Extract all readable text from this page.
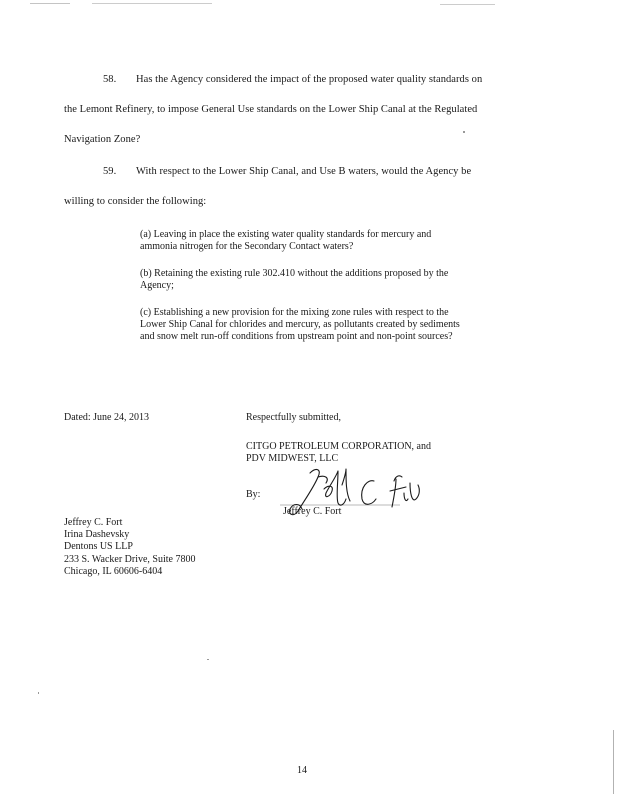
58. Has the Agency considered the impact of the proposed water quality standards on
the Lemont Refinery, to impose General Use standards on the Lower Ship Canal at the Regulated
Navigation Zone?
59. With respect to the Lower Ship Canal, and Use B waters, would the Agency be
willing to consider the following:
(a) Leaving in place the existing water quality standards for mercury and
ammonia nitrogen for the Secondary Contact waters?
(b) Retaining the existing rule 302.410 without the additions proposed by the
Agency;
(c) Establishing a new provision for the mixing zone rules with respect to the
Lower Ship Canal for chlorides and mercury, as pollutants created by sediments
and snow melt run-off conditions from upstream point and non-point sources?
Dated: June 24, 2013	Respectfully submitted,
CITGO PETROLEUM CORPORATION, and
PDV MIDWEST, LLC
By:
Jeffrey C. Fort
Jeffrey C. Fort
Irina Dashevsky
Dentons US LLP
233 S. Wacker Drive, Suite 7800
Chicago, IL 60606-6404
14
